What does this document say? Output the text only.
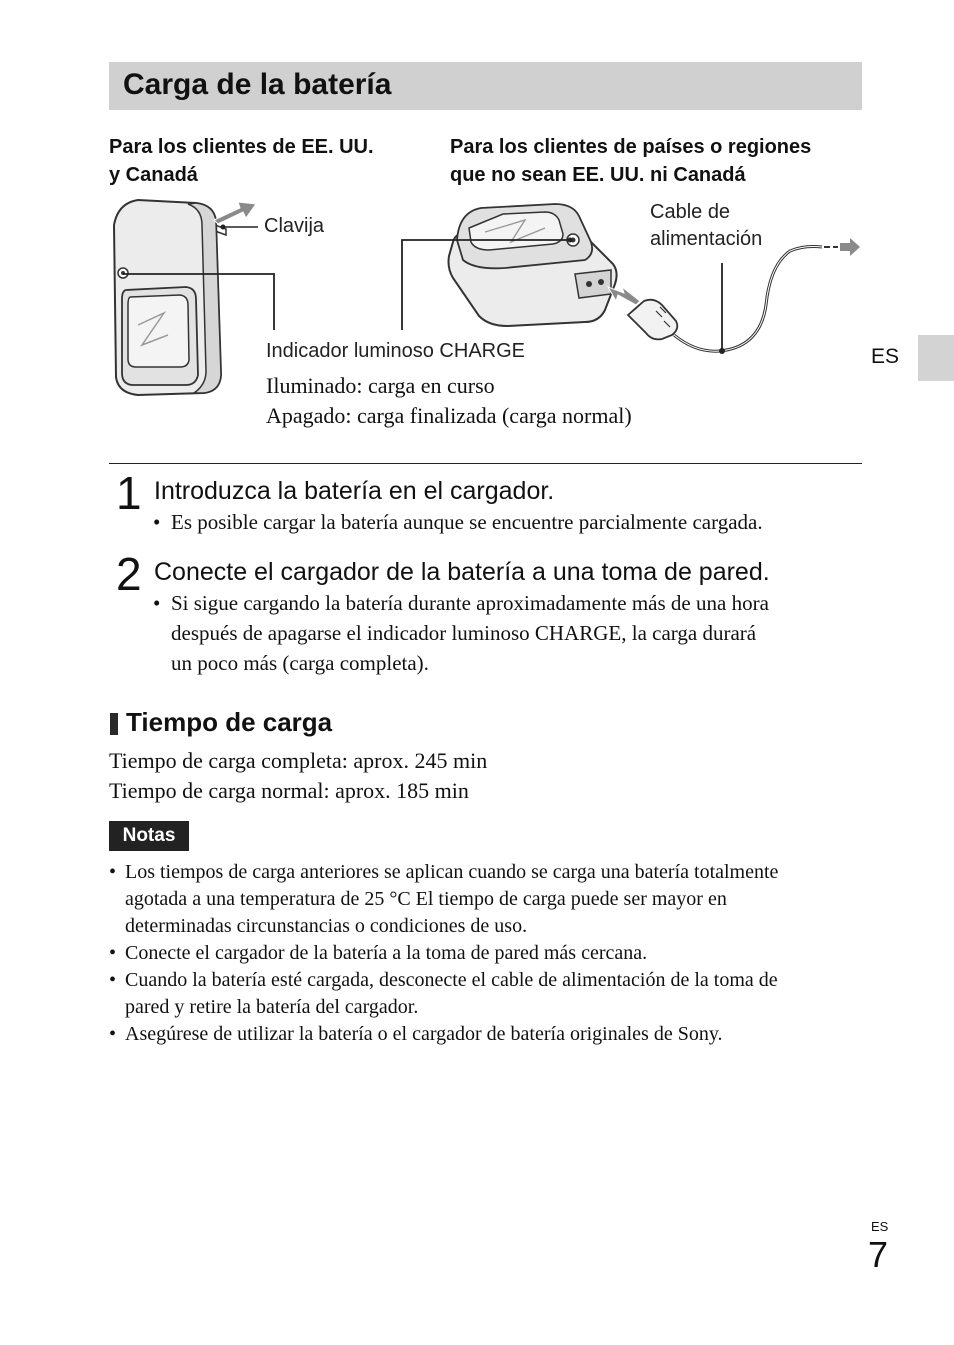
Carga de la batería
Para los clientes de EE. UU.
y Canadá
Para los clientes de países o regiones
que no sean EE. UU. ni Canadá
Clavija
Cable de
alimentación
Indicador luminoso CHARGE
Iluminado: carga en curso
Apagado: carga finalizada (carga normal)
ES
1 Introduzca la batería en el cargador.
• Es posible cargar la batería aunque se encuentre parcialmente cargada.
2 Conecte el cargador de la batería a una toma de pared.
• Si sigue cargando la batería durante aproximadamente más de una hora
después de apagarse el indicador luminoso CHARGE, la carga durará
un poco más (carga completa).
Tiempo de carga
Tiempo de carga completa: aprox. 245 min
Tiempo de carga normal: aprox. 185 min
Notas
• Los tiempos de carga anteriores se aplican cuando se carga una batería totalmente
agotada a una temperatura de 25 °C El tiempo de carga puede ser mayor en
determinadas circunstancias o condiciones de uso.
• Conecte el cargador de la batería a la toma de pared más cercana.
• Cuando la batería esté cargada, desconecte el cable de alimentación de la toma de
pared y retire la batería del cargador.
• Asegúrese de utilizar la batería o el cargador de batería originales de Sony.
ES
7
